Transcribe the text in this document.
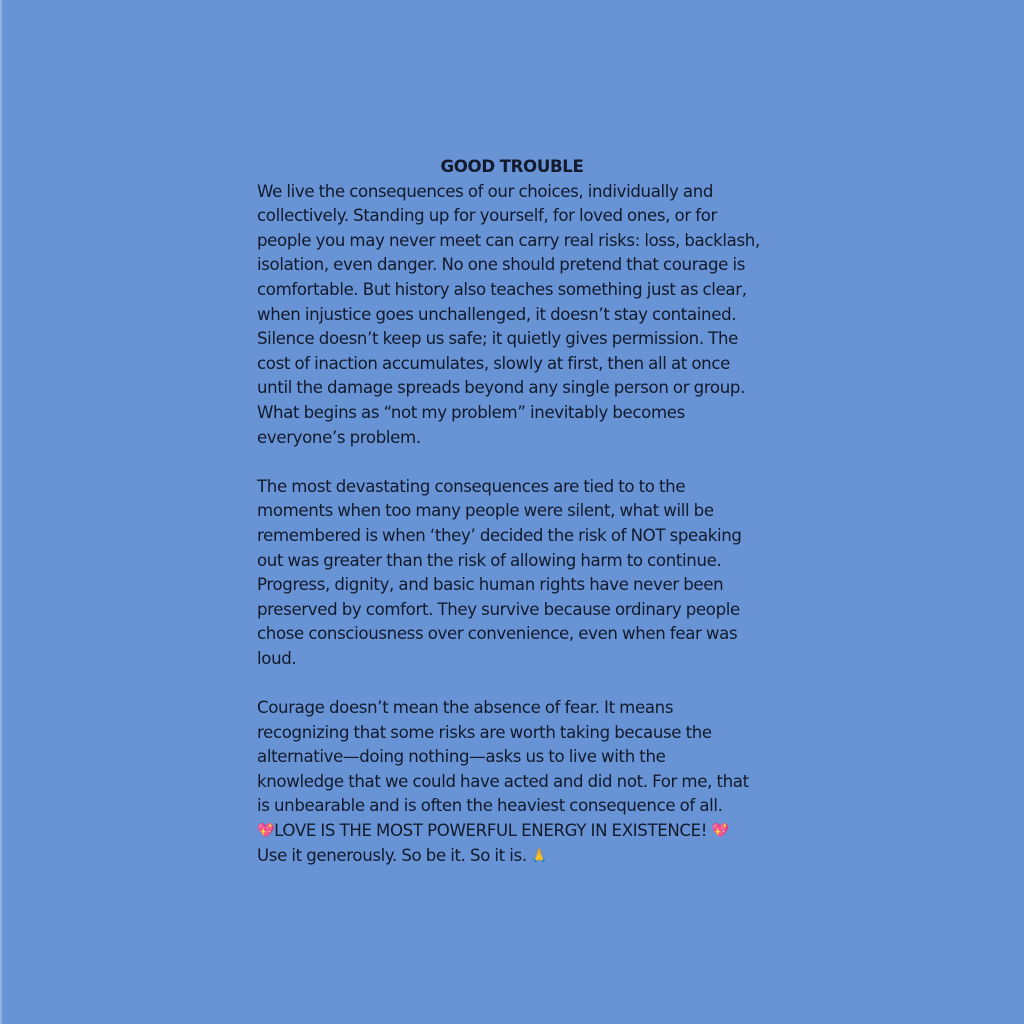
GOOD TROUBLE
We live the consequences of our choices, individually and
collectively. Standing up for yourself, for loved ones, or for
people you may never meet can carry real risks: loss, backlash,
isolation, even danger. No one should pretend that courage is
comfortable. But history also teaches something just as clear,
when injustice goes unchallenged, it doesn’t stay contained.
Silence doesn’t keep us safe; it quietly gives permission. The
cost of inaction accumulates, slowly at first, then all at once
until the damage spreads beyond any single person or group.
What begins as “not my problem” inevitably becomes
everyone’s problem.
The most devastating consequences are tied to to the
moments when too many people were silent, what will be
remembered is when ‘they’ decided the risk of NOT speaking
out was greater than the risk of allowing harm to continue.
Progress, dignity, and basic human rights have never been
preserved by comfort. They survive because ordinary people
chose consciousness over convenience, even when fear was
loud.
Courage doesn’t mean the absence of fear. It means
recognizing that some risks are worth taking because the
alternative—doing nothing—asks us to live with the
knowledge that we could have acted and did not. For me, that
is unbearable and is often the heaviest consequence of all.
💖LOVE IS THE MOST POWERFUL ENERGY IN EXISTENCE! 💖
Use it generously. So be it. So it is. 🙏
